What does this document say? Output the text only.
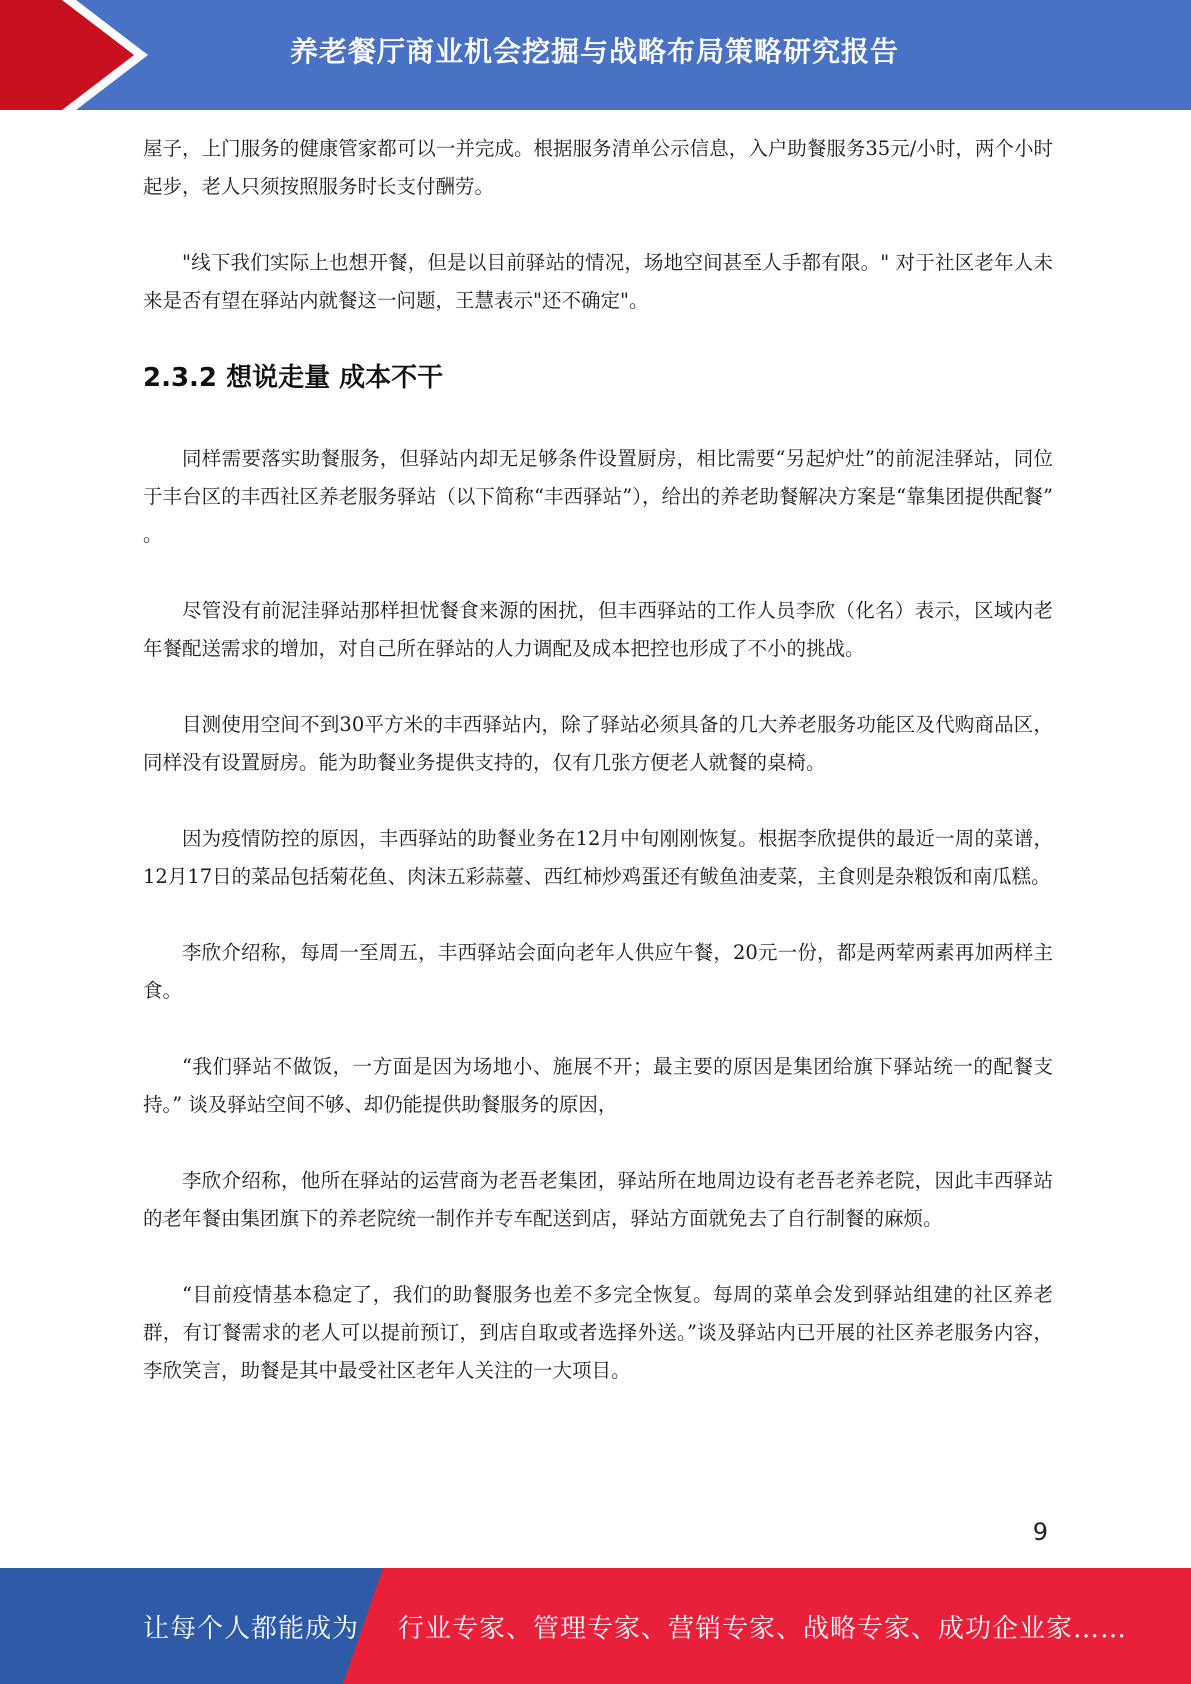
养老餐厅商业机会挖掘与战略布局策略研究报告

屋子，上门服务的健康管家都可以一并完成。根据服务清单公示信息，入户助餐服务35元/小时，两个小时起步，老人只须按照服务时长支付酬劳。

"线下我们实际上也想开餐，但是以目前驿站的情况，场地空间甚至人手都有限。" 对于社区老年人未来是否有望在驿站内就餐这一问题，王慧表示"还不确定"。

2.3.2 想说走量 成本不干

同样需要落实助餐服务，但驿站内却无足够条件设置厨房，相比需要“另起炉灶”的前泥洼驿站，同位于丰台区的丰西社区养老服务驿站（以下简称“丰西驿站”），给出的养老助餐解决方案是“靠集团提供配餐” 。

尽管没有前泥洼驿站那样担忧餐食来源的困扰，但丰西驿站的工作人员李欣（化名）表示，区域内老年餐配送需求的增加，对自己所在驿站的人力调配及成本把控也形成了不小的挑战。

目测使用空间不到30平方米的丰西驿站内，除了驿站必须具备的几大养老服务功能区及代购商品区，同样没有设置厨房。能为助餐业务提供支持的，仅有几张方便老人就餐的桌椅。

因为疫情防控的原因，丰西驿站的助餐业务在12月中旬刚刚恢复。根据李欣提供的最近一周的菜谱，12月17日的菜品包括菊花鱼、肉沫五彩蒜薹、西红柿炒鸡蛋还有鲅鱼油麦菜，主食则是杂粮饭和南瓜糕。

李欣介绍称，每周一至周五，丰西驿站会面向老年人供应午餐，20元一份，都是两荤两素再加两样主食。

“我们驿站不做饭，一方面是因为场地小、施展不开；最主要的原因是集团给旗下驿站统一的配餐支持。” 谈及驿站空间不够、却仍能提供助餐服务的原因，

李欣介绍称，他所在驿站的运营商为老吾老集团，驿站所在地周边设有老吾老养老院，因此丰西驿站的老年餐由集团旗下的养老院统一制作并专车配送到店，驿站方面就免去了自行制餐的麻烦。

“目前疫情基本稳定了，我们的助餐服务也差不多完全恢复。每周的菜单会发到驿站组建的社区养老群，有订餐需求的老人可以提前预订，到店自取或者选择外送。”谈及驿站内已开展的社区养老服务内容，李欣笑言，助餐是其中最受社区老年人关注的一大项目。

9
让每个人都能成为 行业专家、管理专家、营销专家、战略专家、成功企业家……
